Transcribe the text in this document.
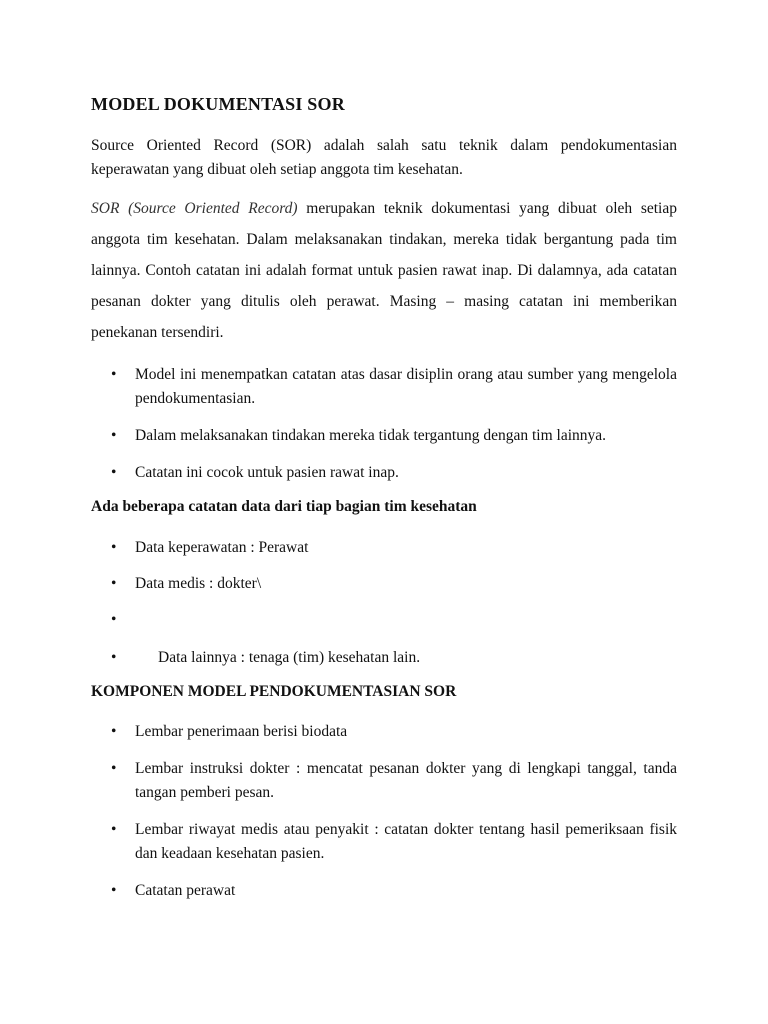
MODEL DOKUMENTASI SOR
Source Oriented Record (SOR) adalah salah satu teknik dalam pendokumentasian keperawatan yang dibuat oleh setiap anggota tim kesehatan.
SOR (Source Oriented Record) merupakan teknik dokumentasi yang dibuat oleh setiap anggota tim kesehatan. Dalam melaksanakan tindakan, mereka tidak bergantung pada tim lainnya. Contoh catatan ini adalah format untuk pasien rawat inap. Di dalamnya, ada catatan pesanan dokter yang ditulis oleh perawat. Masing – masing catatan ini memberikan penekanan tersendiri.
•	Model ini menempatkan catatan atas dasar disiplin orang atau sumber yang mengelola pendokumentasian.
•	Dalam melaksanakan tindakan mereka tidak tergantung dengan tim lainnya.
•	Catatan ini cocok untuk pasien rawat inap.
Ada beberapa catatan data dari tiap bagian tim kesehatan
•	Data keperawatan : Perawat
•	Data medis : dokter\
•
•	Data lainnya : tenaga (tim) kesehatan lain.
KOMPONEN MODEL PENDOKUMENTASIAN SOR
•	Lembar penerimaan berisi biodata
•	Lembar instruksi dokter : mencatat pesanan dokter yang di lengkapi tanggal, tanda tangan pemberi pesan.
•	Lembar riwayat medis atau penyakit : catatan dokter tentang hasil pemeriksaan fisik dan keadaan kesehatan pasien.
•	Catatan perawat
